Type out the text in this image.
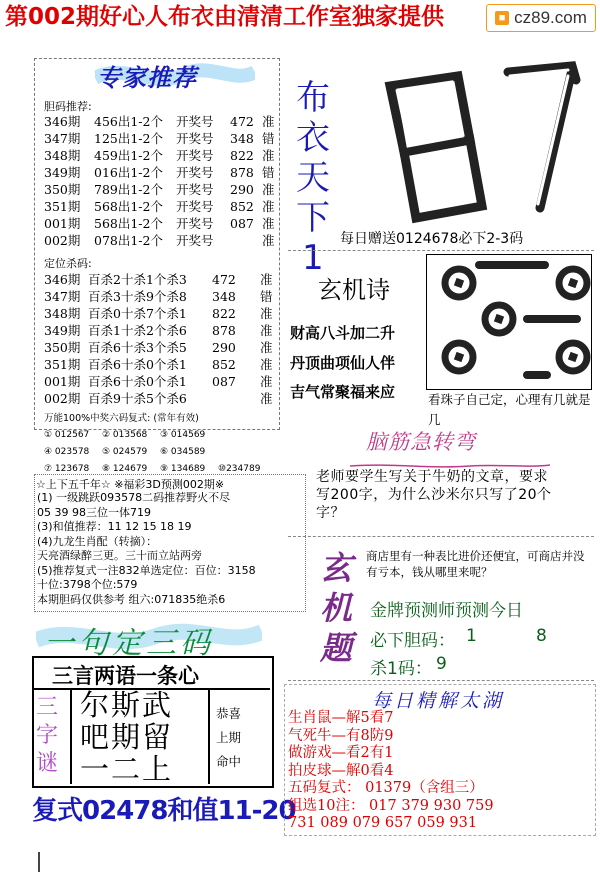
第002期好心人布衣由清清工作室独家提供	■ cz89.com
专家推荐
胆码推荐:
346期	456出1-2个	开奖号	472 准
347期	125出1-2个	开奖号	348 错
348期	459出1-2个	开奖号	822 准
349期	016出1-2个	开奖号	878 错
350期	789出1-2个	开奖号	290 准
351期	568出1-2个	开奖号	852 准
001期	568出1-2个	开奖号	087 准
002期	078出1-2个	开奖号	准
定位杀码:
346期 百杀2十杀1个杀3	472	准
347期 百杀3十杀9个杀8	348	错
348期 百杀0十杀7个杀1	822	准
349期 百杀1十杀2个杀6	878	准
350期 百杀6十杀3个杀5	290	准
351期 百杀6十杀0个杀1	852	准
001期 百杀6十杀0个杀1	087	准
002期 百杀9十杀5个杀6	准
万能100%中奖六码复式: (常年有效)
① 012567	② 013568	③ 014569
④ 023578	⑤ 024579	⑥ 034589
⑦ 123678	⑧ 124679	⑨ 134689	⑩234789
布
衣
天
下
1	每日赠送0124678必下2-3码
玄机诗
财高八斗加二升
丹顶曲项仙人伴
吉气常聚福来应	看珠子自己定，心理有几就是几
脑筋急转弯
老师要学生写关于牛奶的文章，要求写200字，为什么沙米尔只写了20个字？
☆上下五千年☆ ※福彩3D预测002期※
(1) 一级跳跃093578二码推荐野火不尽
05 39 98三位一体719
(3)和值推荐：11 12 15 18 19
(4)九龙生肖配（转摘）：
天亮酒绿醉三更。三十而立站两旁
(5)推荐复式一注832单选定位：百位：3158
十位:3798个位:579
本期胆码仅供参考 组六:071835绝杀6
玄
机
题
商店里有一种表比进价还便宜，可商店并没有亏本，钱从哪里来呢？
金牌预测师预测今日
必下胆码： 1	8
杀1码： 9
一句定三码
三言两语一条心
三
字
谜
尔斯武
吧期留
一二上
恭喜
上期
命中
复式02478和值11-20
每日精解太湖
生肖鼠—解5看7
气死牛—有8防9
做游戏—看2有1
拍皮球—解0看4
五码复式： 01379（含组三）
组选10注： 017 379 930 759
731 089 079 657 059 931
